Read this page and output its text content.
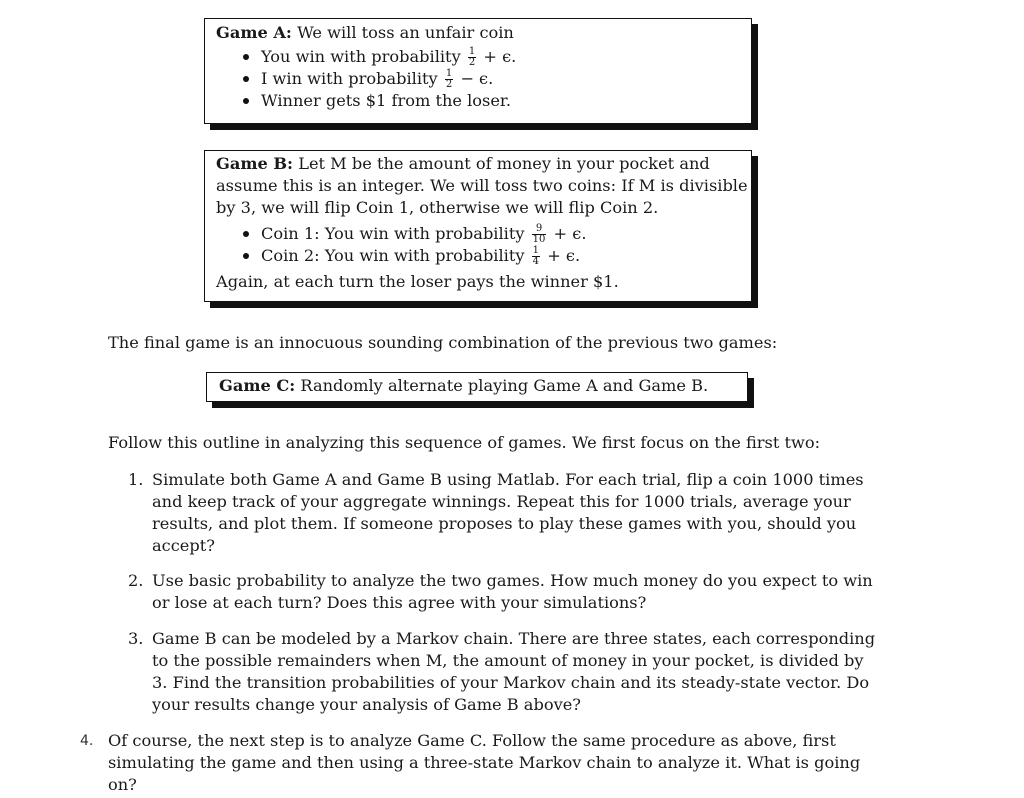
Game A: We will toss an unfair coin
You win with probability $\frac{1}{2} + \epsilon$.
I win with probability $\frac{1}{2} - \epsilon$.
Winner gets $1 from the loser.
Game B: Let M be the amount of money in your pocket and
assume this is an integer. We will toss two coins: If M is divisible
by 3, we will flip Coin 1, otherwise we will flip Coin 2.
Coin 1: You win with probability $\frac{9}{10} + \epsilon$.
Coin 2: You win with probability $\frac{1}{4} + \epsilon$.
Again, at each turn the loser pays the winner $1.
The final game is an innocuous sounding combination of the previous two games:
Game C: Randomly alternate playing Game A and Game B.
Follow this outline in analyzing this sequence of games. We first focus on the first two:
1. Simulate both Game A and Game B using Matlab. For each trial, flip a coin 1000 times
and keep track of your aggregate winnings. Repeat this for 1000 trials, average your
results, and plot them. If someone proposes to play these games with you, should you
accept?
2. Use basic probability to analyze the two games. How much money do you expect to win
or lose at each turn? Does this agree with your simulations?
3. Game B can be modeled by a Markov chain. There are three states, each corresponding
to the possible remainders when M, the amount of money in your pocket, is divided by
3. Find the transition probabilities of your Markov chain and its steady-state vector. Do
your results change your analysis of Game B above?
4. Of course, the next step is to analyze Game C. Follow the same procedure as above, first
simulating the game and then using a three-state Markov chain to analyze it. What is going
on?
